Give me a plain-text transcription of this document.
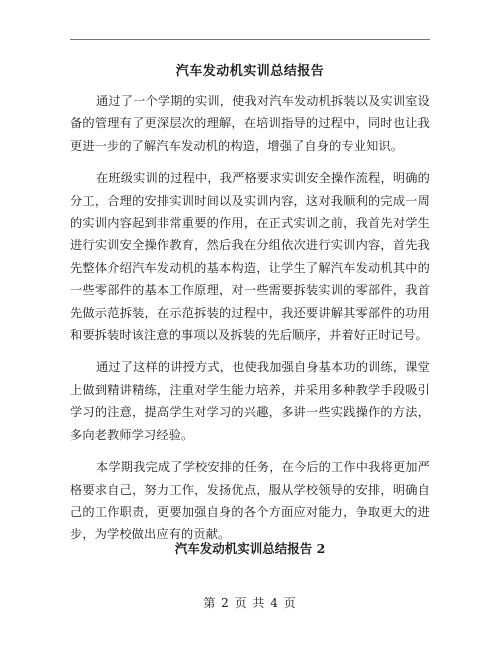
汽车发动机实训总结报告

通过了一个学期的实训，使我对汽车发动机拆装以及实训室设备的管理有了更深层次的理解，在培训指导的过程中，同时也让我更进一步的了解汽车发动机的构造，增强了自身的专业知识。

在班级实训的过程中，我严格要求实训安全操作流程，明确的分工，合理的安排实训时间以及实训内容，这对我顺利的完成一周的实训内容起到非常重要的作用，在正式实训之前，我首先对学生进行实训安全操作教育，然后我在分组依次进行实训内容，首先我先整体介绍汽车发动机的基本构造，让学生了解汽车发动机其中的一些零部件的基本工作原理，对一些需要拆装实训的零部件，我首先做示范拆装，在示范拆装的过程中，我还要讲解其零部件的功用和要拆装时该注意的事项以及拆装的先后顺序，并着好正时记号。

通过了这样的讲授方式，也使我加强自身基本功的训练，课堂上做到精讲精练，注重对学生能力培养，并采用多种教学手段吸引学习的注意，提高学生对学习的兴趣，多讲一些实践操作的方法，多向老教师学习经验。

本学期我完成了学校安排的任务，在今后的工作中我将更加严格要求自己，努力工作，发扬优点，服从学校领导的安排，明确自己的工作职责，更要加强自身的各个方面应对能力，争取更大的进步，为学校做出应有的贡献。

汽车发动机实训总结报告 2
第 2 页 共 4 页
